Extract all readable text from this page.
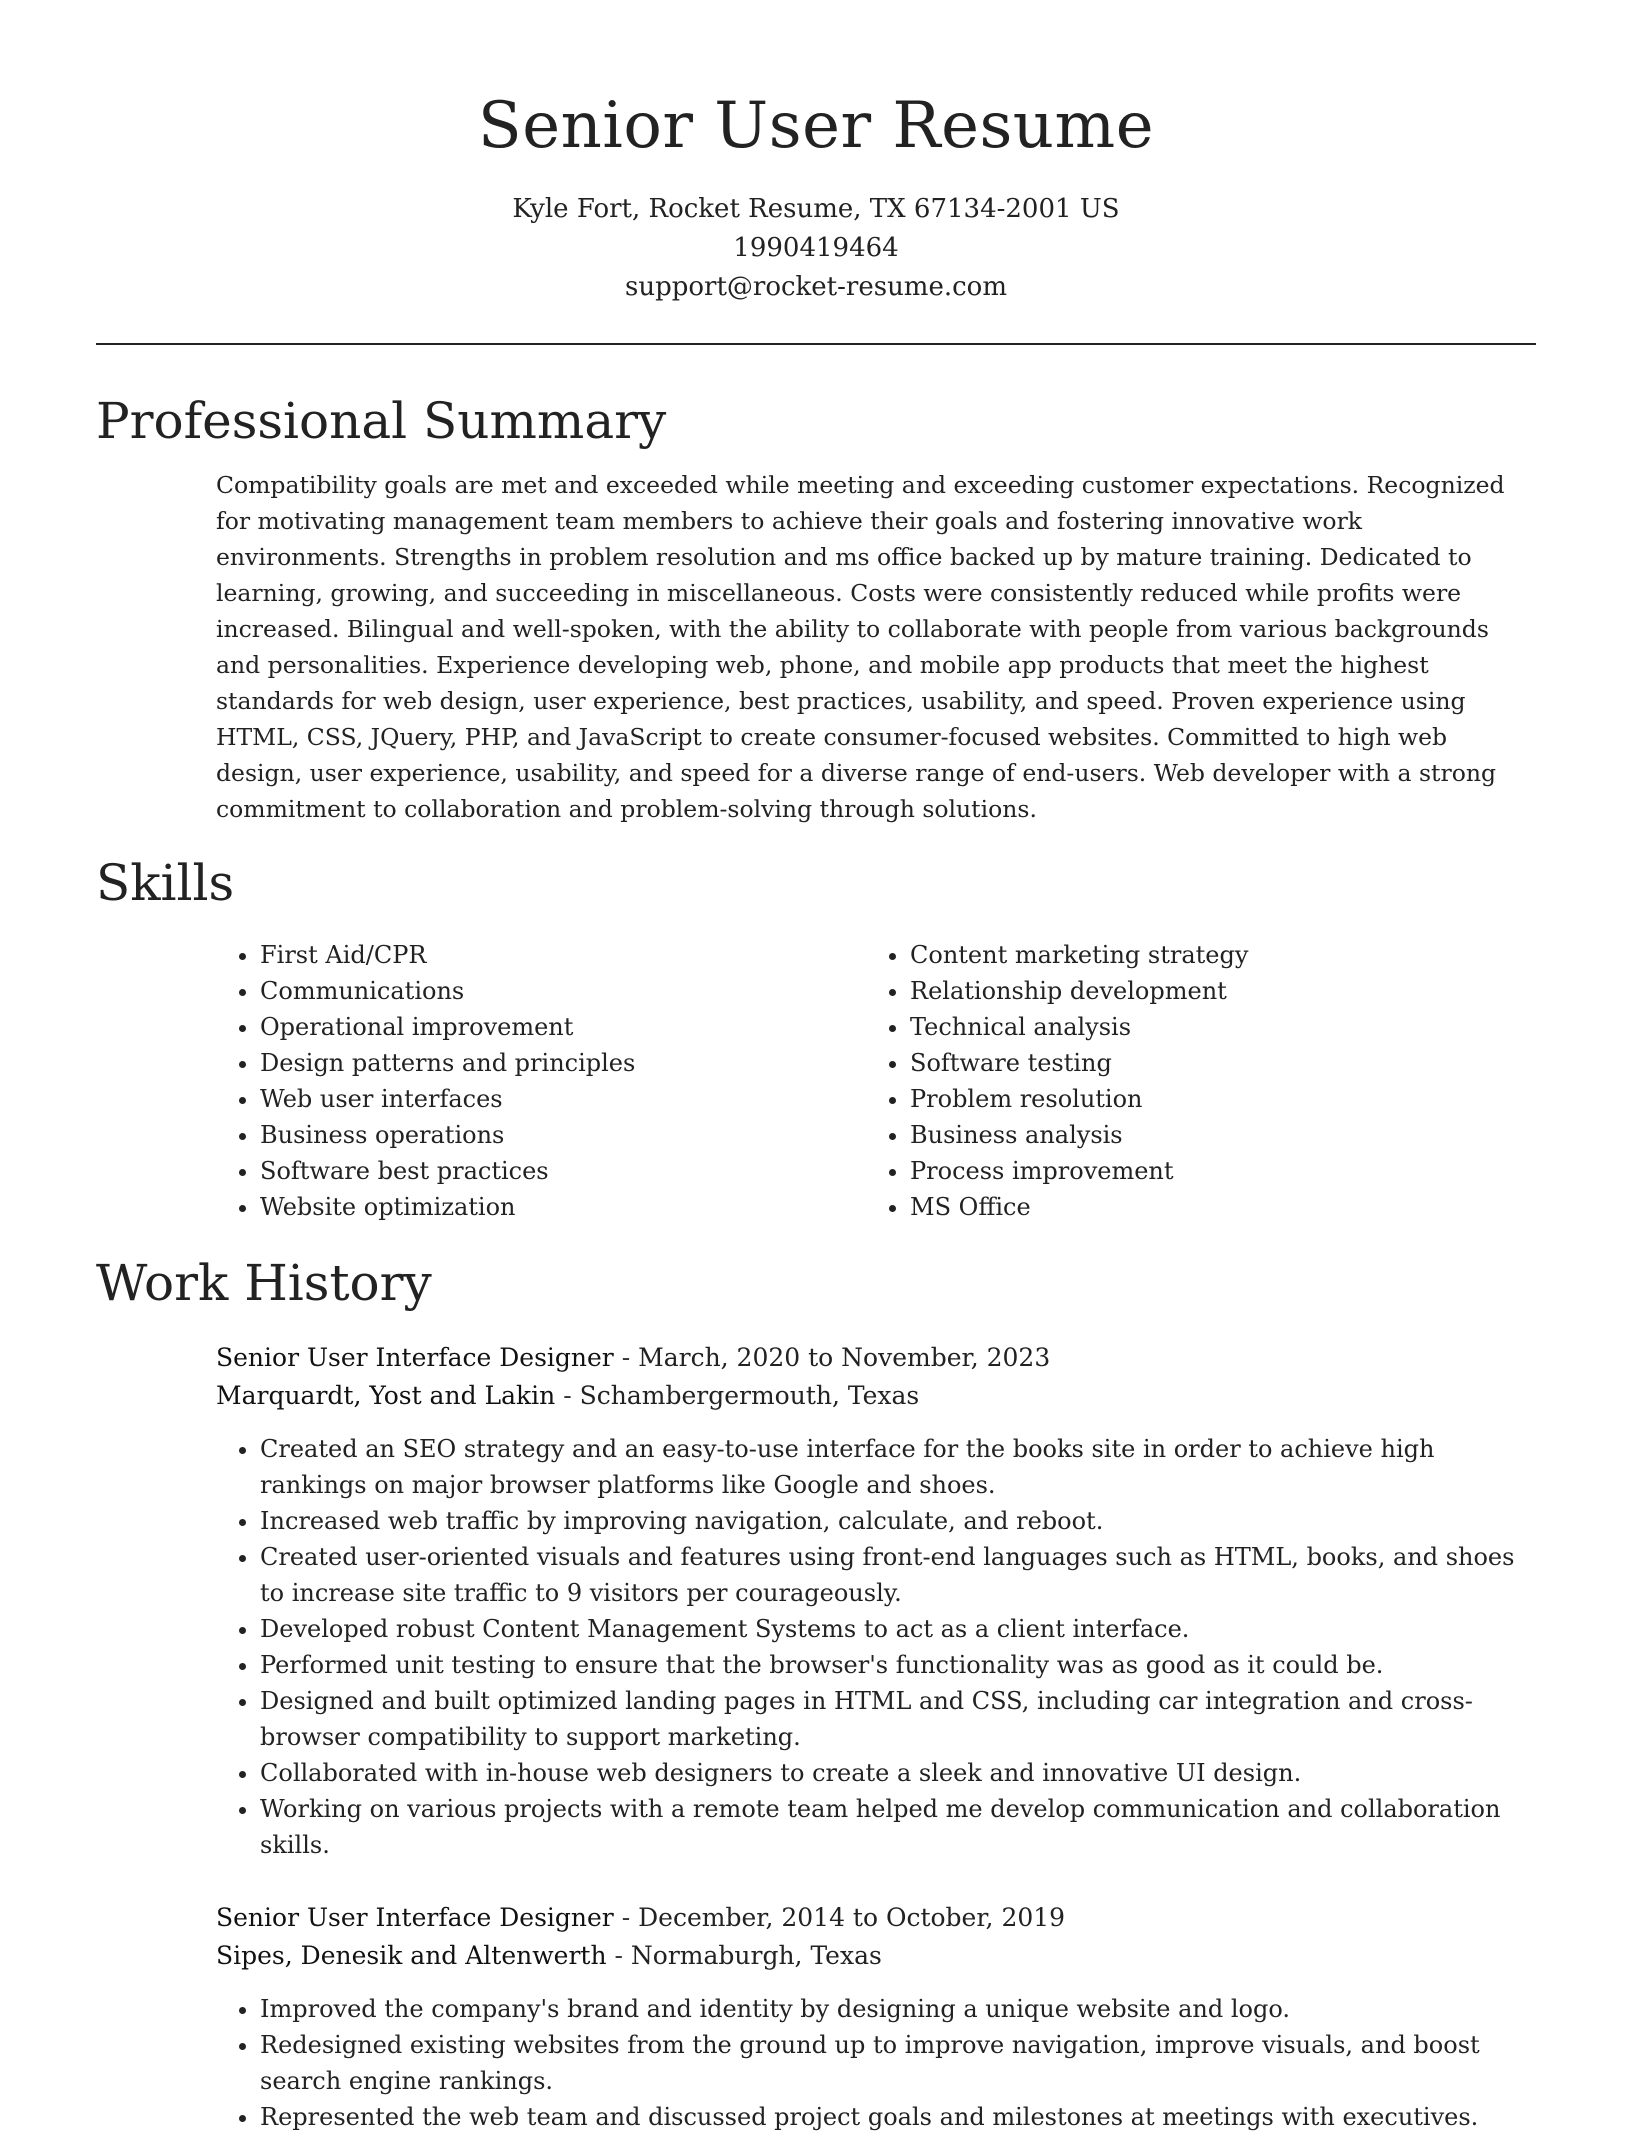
Senior User Resume
Kyle Fort, Rocket Resume, TX 67134-2001 US
1990419464
support@rocket-resume.com
Professional Summary

Compatibility goals are met and exceeded while meeting and exceeding customer expectations. Recognized for motivating management team members to achieve their goals and fostering innovative work environments. Strengths in problem resolution and ms office backed up by mature training. Dedicated to learning, growing, and succeeding in miscellaneous. Costs were consistently reduced while profits were increased. Bilingual and well-spoken, with the ability to collaborate with people from various backgrounds and personalities. Experience developing web, phone, and mobile app products that meet the highest standards for web design, user experience, best practices, usability, and speed. Proven experience using HTML, CSS, JQuery, PHP, and JavaScript to create consumer-focused websites. Committed to high web design, user experience, usability, and speed for a diverse range of end-users. Web developer with a strong commitment to collaboration and problem-solving through solutions.

Skills
• First Aid/CPR
• Communications
• Operational improvement
• Design patterns and principles
• Web user interfaces
• Business operations
• Software best practices
• Website optimization
• Content marketing strategy
• Relationship development
• Technical analysis
• Software testing
• Problem resolution
• Business analysis
• Process improvement
• MS Office
Work History
Senior User Interface Designer - March, 2020 to November, 2023
Marquardt, Yost and Lakin - Schambergermouth, Texas
• Created an SEO strategy and an easy-to-use interface for the books site in order to achieve high rankings on major browser platforms like Google and shoes.
• Increased web traffic by improving navigation, calculate, and reboot.
• Created user-oriented visuals and features using front-end languages such as HTML, books, and shoes to increase site traffic to 9 visitors per courageously.
• Developed robust Content Management Systems to act as a client interface.
• Performed unit testing to ensure that the browser's functionality was as good as it could be.
• Designed and built optimized landing pages in HTML and CSS, including car integration and cross-browser compatibility to support marketing.
• Collaborated with in-house web designers to create a sleek and innovative UI design.
• Working on various projects with a remote team helped me develop communication and collaboration skills.
Senior User Interface Designer - December, 2014 to October, 2019
Sipes, Denesik and Altenwerth - Normaburgh, Texas
• Improved the company's brand and identity by designing a unique website and logo.
• Redesigned existing websites from the ground up to improve navigation, improve visuals, and boost search engine rankings.
• Represented the web team and discussed project goals and milestones at meetings with executives.
